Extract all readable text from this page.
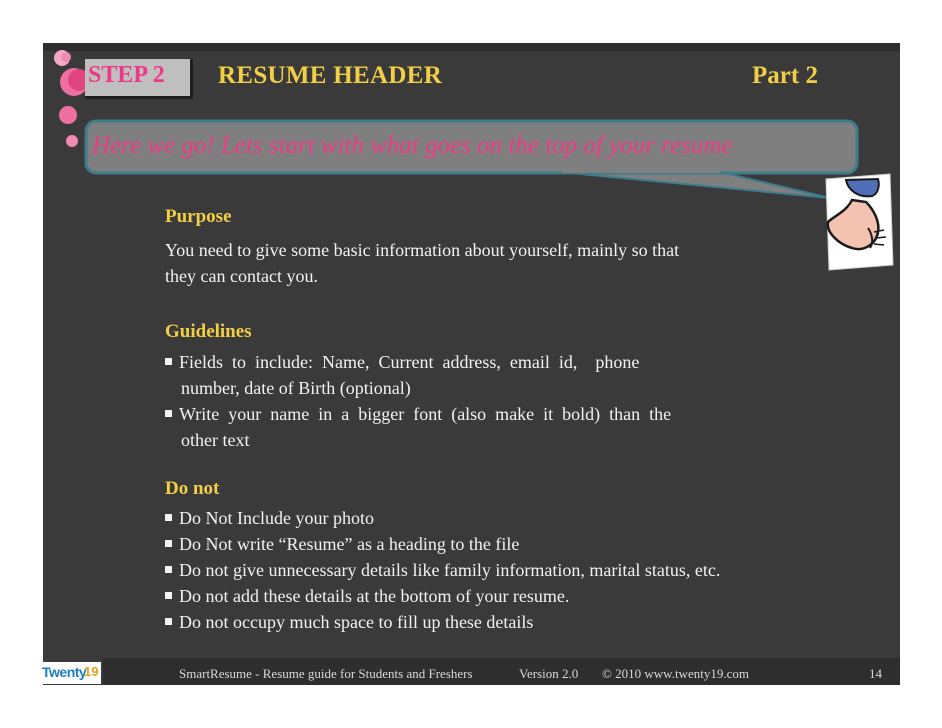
STEP 2 RESUME HEADER	Part 2
Here we go! Lets start with what goes on the top of your resume
Purpose
You need to give some basic information about yourself, mainly so that
they can contact you.
Guidelines
Fields  to  include:  Name,  Current  address,  email  id,    phone
number, date of Birth (optional)
Write  your  name  in  a  bigger  font  (also  make  it  bold)  than  the
other text
Do not
Do Not Include your photo
Do Not write “Resume” as a heading to the file
Do not give unnecessary details like family information, marital status, etc.
Do not add these details at the bottom of your resume.
Do not occupy much space to fill up these details
Twenty
19	SmartResume - Resume guide for Students and Freshers	Version 2.0 © 2010 www.twenty19.com	14
